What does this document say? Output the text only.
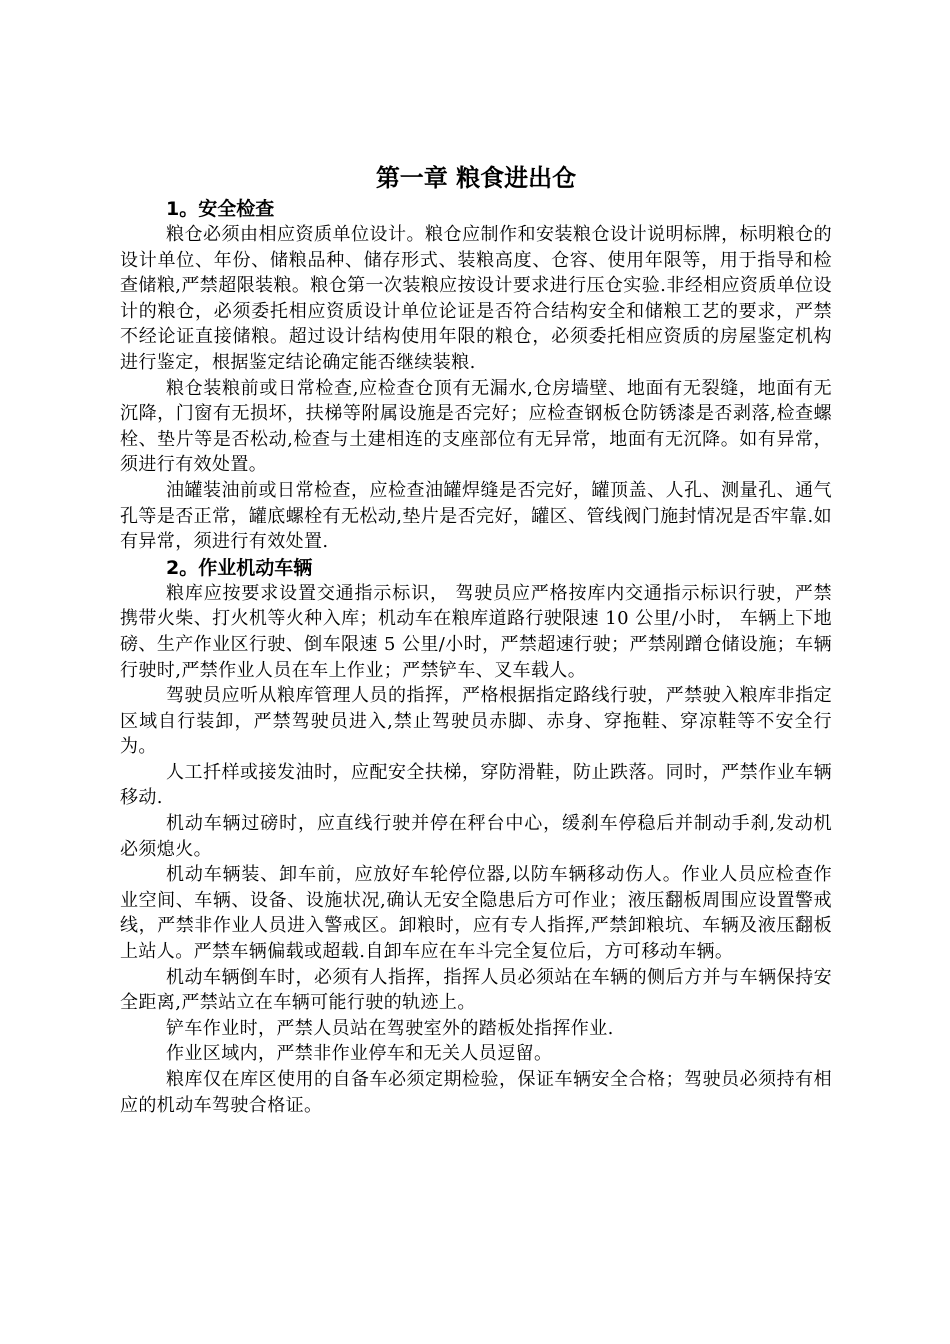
第一章 粮食进出仓
1。安全检查

粮仓必须由相应资质单位设计。粮仓应制作和安装粮仓设计说明标牌，标明粮仓的设计单位、年份、储粮品种、储存形式、装粮高度、仓容、使用年限等，用于指导和检查储粮,严禁超限装粮。粮仓第一次装粮应按设计要求进行压仓实验.非经相应资质单位设计的粮仓，必须委托相应资质设计单位论证是否符合结构安全和储粮工艺的要求，严禁不经论证直接储粮。超过设计结构使用年限的粮仓，必须委托相应资质的房屋鉴定机构进行鉴定，根据鉴定结论确定能否继续装粮.

粮仓装粮前或日常检查,应检查仓顶有无漏水,仓房墙壁、地面有无裂缝，地面有无沉降，门窗有无损坏，扶梯等附属设施是否完好；应检查钢板仓防锈漆是否剥落,检查螺栓、垫片等是否松动,检查与土建相连的支座部位有无异常，地面有无沉降。如有异常，须进行有效处置。

油罐装油前或日常检查，应检查油罐焊缝是否完好，罐顶盖、人孔、测量孔、通气孔等是否正常，罐底螺栓有无松动,垫片是否完好，罐区、管线阀门施封情况是否牢靠.如有异常，须进行有效处置.

2。作业机动车辆

粮库应按要求设置交通指示标识， 驾驶员应严格按库内交通指示标识行驶，严禁携带火柴、打火机等火种入库；机动车在粮库道路行驶限速 10 公里/小时， 车辆上下地磅、生产作业区行驶、倒车限速 5 公里/小时，严禁超速行驶；严禁剐蹭仓储设施；车辆行驶时,严禁作业人员在车上作业；严禁铲车、叉车载人。

驾驶员应听从粮库管理人员的指挥，严格根据指定路线行驶，严禁驶入粮库非指定区域自行装卸，严禁驾驶员进入,禁止驾驶员赤脚、赤身、穿拖鞋、穿凉鞋等不安全行为。

人工扦样或接发油时，应配安全扶梯，穿防滑鞋，防止跌落。同时，严禁作业车辆移动.

机动车辆过磅时，应直线行驶并停在秤台中心，缓刹车停稳后并制动手刹,发动机必须熄火。

机动车辆装、卸车前，应放好车轮停位器,以防车辆移动伤人。作业人员应检查作业空间、车辆、设备、设施状况,确认无安全隐患后方可作业；液压翻板周围应设置警戒线，严禁非作业人员进入警戒区。卸粮时，应有专人指挥,严禁卸粮坑、车辆及液压翻板上站人。严禁车辆偏载或超载.自卸车应在车斗完全复位后，方可移动车辆。

机动车辆倒车时，必须有人指挥，指挥人员必须站在车辆的侧后方并与车辆保持安全距离,严禁站立在车辆可能行驶的轨迹上。

铲车作业时，严禁人员站在驾驶室外的踏板处指挥作业.

作业区域内，严禁非作业停车和无关人员逗留。

粮库仅在库区使用的自备车必须定期检验，保证车辆安全合格；驾驶员必须持有相应的机动车驾驶合格证。
